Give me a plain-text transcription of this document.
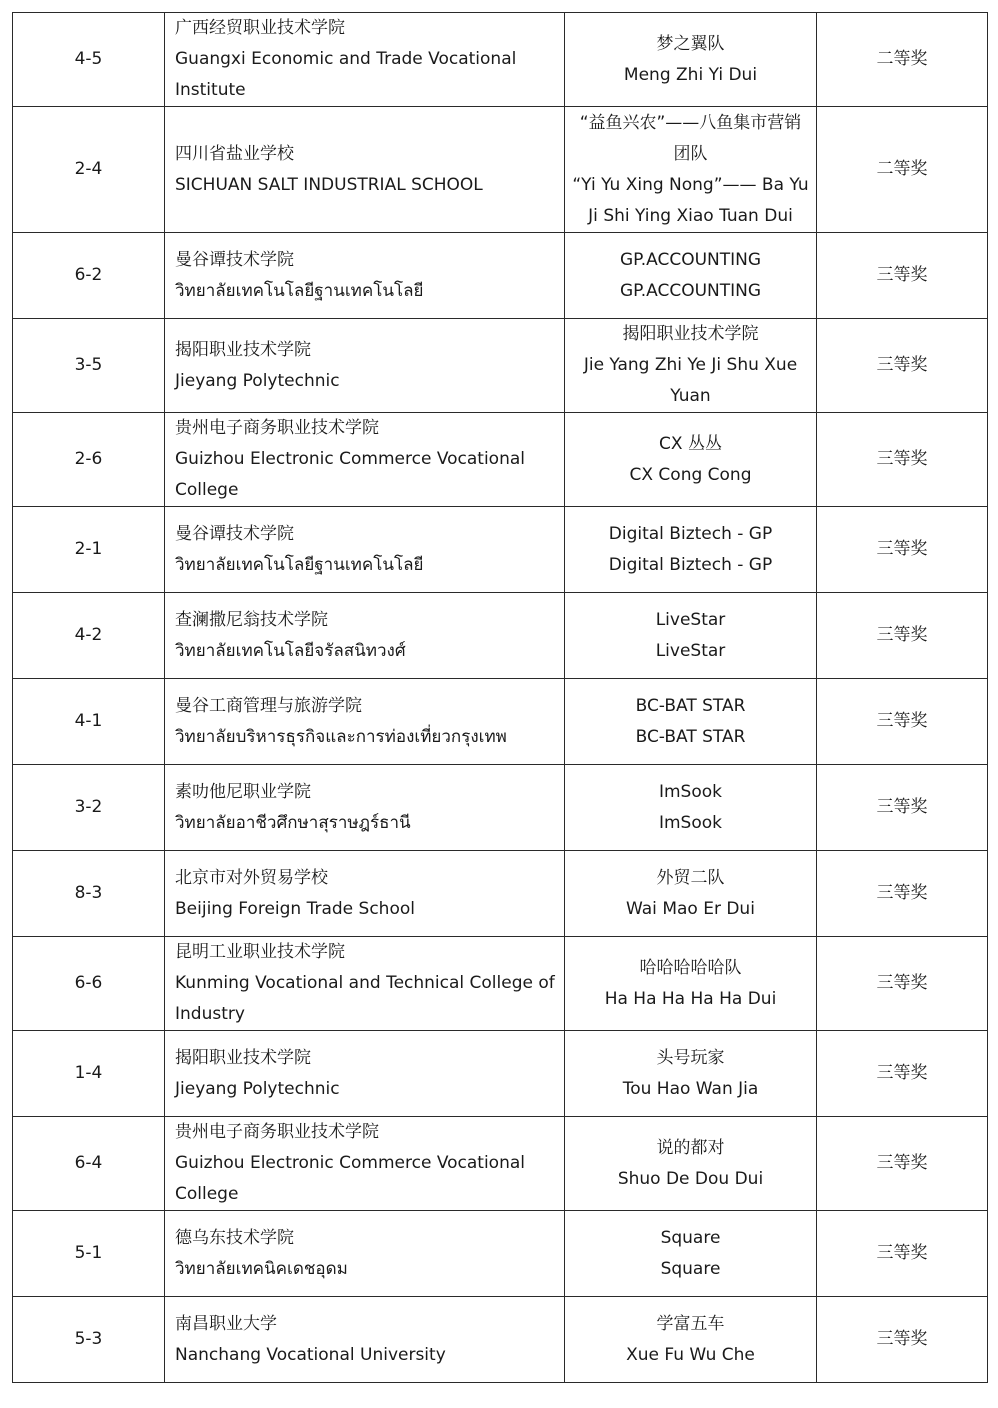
4-5	广西经贸职业技术学院
Guangxi Economic and Trade Vocational
Institute	梦之翼队
Meng Zhi Yi Dui	二等奖
2-4	四川省盐业学校
SICHUAN SALT INDUSTRIAL SCHOOL	“益鱼兴农”——八鱼集市营销
团队
“Yi Yu Xing Nong”—— Ba Yu
Ji Shi Ying Xiao Tuan Dui	二等奖
6-2	曼谷谭技术学院
วิทยาลัยเทคโนโลยีฐานเทคโนโลยี	GP.ACCOUNTING
GP.ACCOUNTING	三等奖
3-5	揭阳职业技术学院
Jieyang Polytechnic	揭阳职业技术学院
Jie Yang Zhi Ye Ji Shu Xue
Yuan	三等奖
2-6	贵州电子商务职业技术学院
Guizhou Electronic Commerce Vocational
College	CX 丛丛
CX Cong Cong	三等奖
2-1	曼谷谭技术学院
วิทยาลัยเทคโนโลยีฐานเทคโนโลยี	Digital Biztech - GP
Digital Biztech - GP	三等奖
4-2	查澜撒尼翁技术学院
วิทยาลัยเทคโนโลยีจรัลสนิทวงศ์	LiveStar
LiveStar	三等奖
4-1	曼谷工商管理与旅游学院
วิทยาลัยบริหารธุรกิจและการท่องเที่ยวกรุงเทพ	BC-BAT STAR
BC-BAT STAR	三等奖
3-2	素叻他尼职业学院
วิทยาลัยอาชีวศึกษาสุราษฎร์ธานี	ImSook
ImSook	三等奖
8-3	北京市对外贸易学校
Beijing Foreign Trade School	外贸二队
Wai Mao Er Dui	三等奖
6-6	昆明工业职业技术学院
Kunming Vocational and Technical College of
Industry	哈哈哈哈哈队
Ha Ha Ha Ha Ha Dui	三等奖
1-4	揭阳职业技术学院
Jieyang Polytechnic	头号玩家
Tou Hao Wan Jia	三等奖
6-4	贵州电子商务职业技术学院
Guizhou Electronic Commerce Vocational
College	说的都对
Shuo De Dou Dui	三等奖
5-1	德乌东技术学院
วิทยาลัยเทคนิคเดชอุดม	Square
Square	三等奖
5-3	南昌职业大学
Nanchang Vocational University	学富五车
Xue Fu Wu Che	三等奖
